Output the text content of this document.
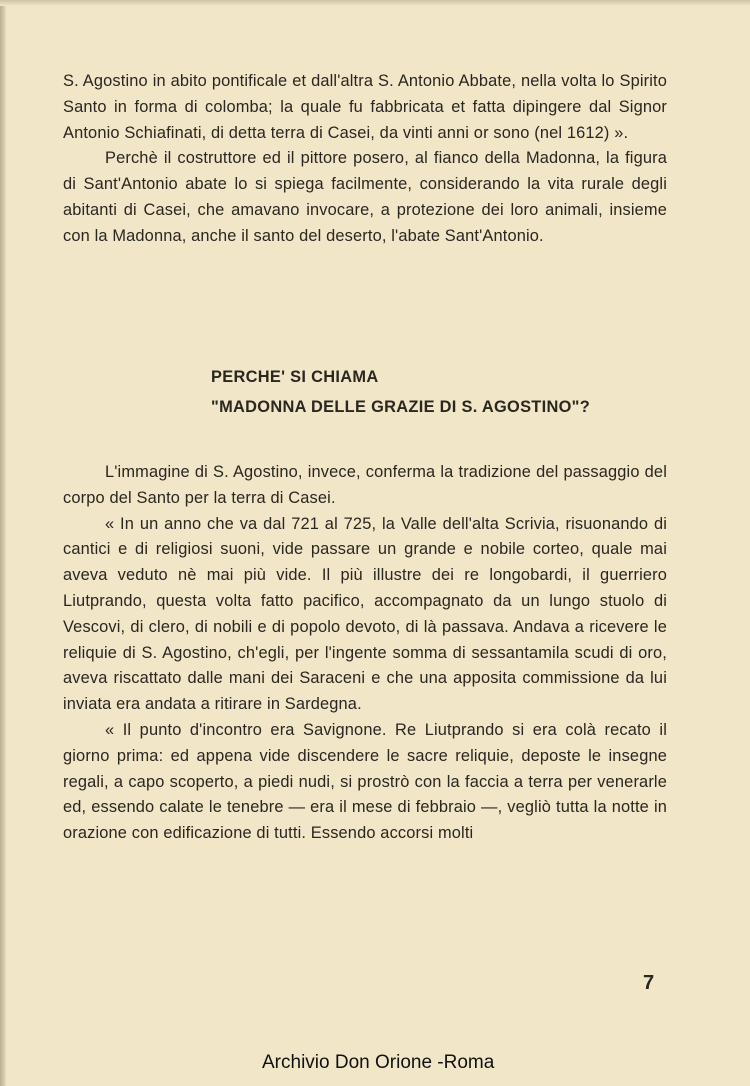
S. Agostino in abito pontificale et dall'altra S. Antonio Abbate, nella volta lo Spirito Santo in forma di colomba; la quale fu fabbricata et fatta dipingere dal Signor Antonio Schiafinati, di detta terra di Casei, da vinti anni or sono (nel 1612) ».

Perchè il costruttore ed il pittore posero, al fianco della Madonna, la figura di Sant'Antonio abate lo si spiega facilmente, considerando la vita rurale degli abitanti di Casei, che amavano invocare, a protezione dei loro animali, insieme con la Madonna, anche il santo del deserto, l'abate Sant'Antonio.

PERCHE' SI CHIAMA
"MADONNA DELLE GRAZIE DI S. AGOSTINO"?

L'immagine di S. Agostino, invece, conferma la tradizione del passaggio del corpo del Santo per la terra di Casei.

« In un anno che va dal 721 al 725, la Valle dell'alta Scrivia, risuonando di cantici e di religiosi suoni, vide passare un grande e nobile corteo, quale mai aveva veduto nè mai più vide. Il più illustre dei re longobardi, il guerriero Liutprando, questa volta fatto pacifico, accompagnato da un lungo stuolo di Vescovi, di clero, di nobili e di popolo devoto, di là passava. Andava a ricevere le reliquie di S. Agostino, ch'egli, per l'ingente somma di sessantamila scudi di oro, aveva riscattato dalle mani dei Saraceni e che una apposita commissione da lui inviata era andata a ritirare in Sardegna.

« Il punto d'incontro era Savignone. Re Liutprando si era colà recato il giorno prima: ed appena vide discendere le sacre reliquie, deposte le insegne regali, a capo scoperto, a piedi nudi, si prostrò con la faccia a terra per venerarle ed, essendo calate le tenebre — era il mese di febbraio —, vegliò tutta la notte in orazione con edificazione di tutti. Essendo accorsi molti

7
Archivio Don Orione -Roma
